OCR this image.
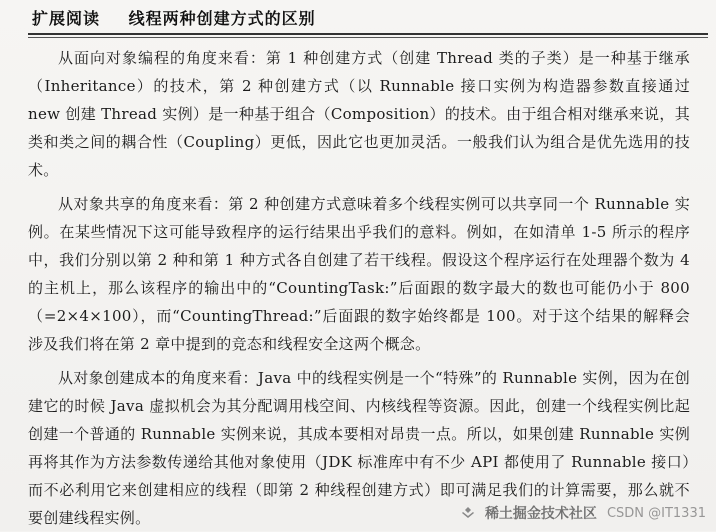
扩展阅读 线程两种创建方式的区别

从面向对象编程的角度来看：第 1 种创建方式（创建 Thread 类的子类）是一种基于继承（Inheritance）的技术，第 2 种创建方式（以 Runnable 接口实例为构造器参数直接通过 new 创建 Thread 实例）是一种基于组合（Composition）的技术。由于组合相对继承来说，其类和类之间的耦合性（Coupling）更低，因此它也更加灵活。一般我们认为组合是优先选用的技术。

从对象共享的角度来看：第 2 种创建方式意味着多个线程实例可以共享同一个 Runnable 实例。在某些情况下这可能导致程序的运行结果出乎我们的意料。例如，在如清单 1-5 所示的程序中，我们分别以第 2 种和第 1 种方式各自创建了若干线程。假设这个程序运行在处理器个数为 4 的主机上，那么该程序的输出中的“CountingTask:”后面跟的数字最大的数也可能仍小于 800（=2×4×100），而“CountingThread:”后面跟的数字始终都是 100。对于这个结果的解释会涉及我们将在第 2 章中提到的竞态和线程安全这两个概念。

从对象创建成本的角度来看：Java 中的线程实例是一个“特殊”的 Runnable 实例，因为在创建它的时候 Java 虚拟机会为其分配调用栈空间、内核线程等资源。因此，创建一个线程实例比起创建一个普通的 Runnable 实例来说，其成本要相对昂贵一点。所以，如果创建 Runnable 实例再将其作为方法参数传递给其他对象使用（JDK 标准库中有不少 API 都使用了 Runnable 接口）而不必利用它来创建相应的线程（即第 2 种线程创建方式）即可满足我们的计算需要，那么就不要创建线程实例。	稀土掘金技术社区 CSDN @IT1331
